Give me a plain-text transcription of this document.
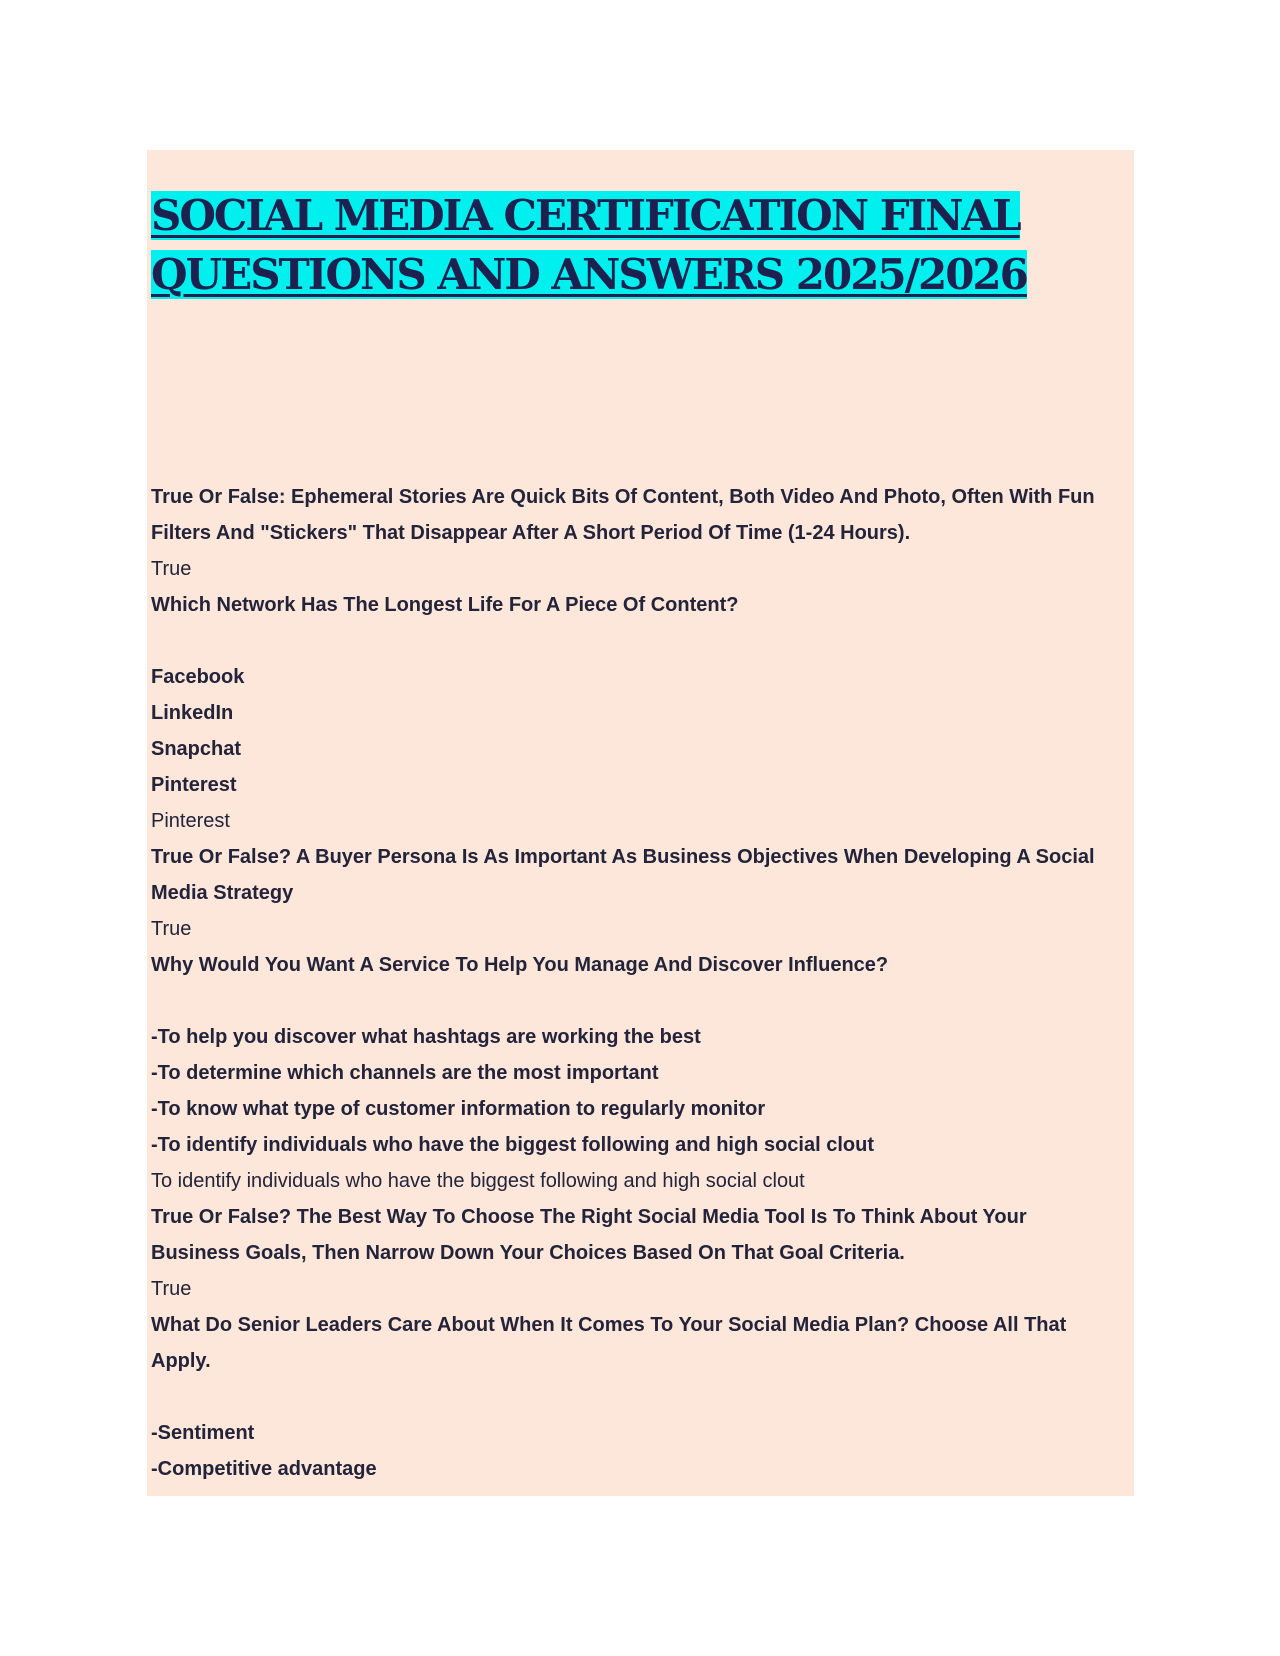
SOCIAL MEDIA CERTIFICATION FINAL
QUESTIONS AND ANSWERS 2025/2026

True Or False: Ephemeral Stories Are Quick Bits Of Content, Both Video And Photo, Often With Fun Filters And "Stickers" That Disappear After A Short Period Of Time (1-24 Hours).

True

Which Network Has The Longest Life For A Piece Of Content?

Facebook

LinkedIn

Snapchat

Pinterest

Pinterest

True Or False? A Buyer Persona Is As Important As Business Objectives When Developing A Social Media Strategy

True

Why Would You Want A Service To Help You Manage And Discover Influence?

-To help you discover what hashtags are working the best

-To determine which channels are the most important

-To know what type of customer information to regularly monitor

-To identify individuals who have the biggest following and high social clout

To identify individuals who have the biggest following and high social clout

True Or False? The Best Way To Choose The Right Social Media Tool Is To Think About Your Business Goals, Then Narrow Down Your Choices Based On That Goal Criteria.

True

What Do Senior Leaders Care About When It Comes To Your Social Media Plan? Choose All That Apply.

-Sentiment

-Competitive advantage
